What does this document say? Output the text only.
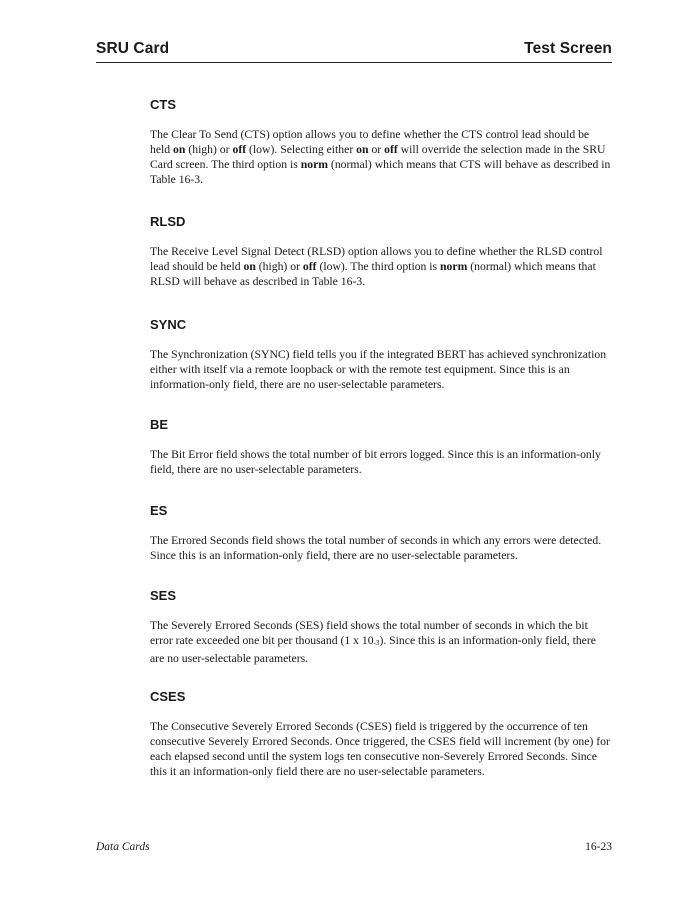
SRU Card	Test Screen
CTS

The Clear To Send (CTS) option allows you to define whether the CTS control lead should be held on (high) or off (low). Selecting either on or off will override the selection made in the SRU Card screen. The third option is norm (normal) which means that CTS will behave as described in Table 16-3.

RLSD

The Receive Level Signal Detect (RLSD) option allows you to define whether the RLSD control lead should be held on (high) or off (low). The third option is norm (normal) which means that RLSD will behave as described in Table 16-3.

SYNC

The Synchronization (SYNC) field tells you if the integrated BERT has achieved synchronization either with itself via a remote loopback or with the remote test equipment. Since this is an information-only field, there are no user-selectable parameters.

BE

The Bit Error field shows the total number of bit errors logged. Since this is an information-only field, there are no user-selectable parameters.

ES

The Errored Seconds field shows the total number of seconds in which any errors were detected. Since this is an information-only field, there are no user-selectable parameters.

SES

The Severely Errored Seconds (SES) field shows the total number of seconds in which the bit error rate exceeded one bit per thousand (1 x $10_{-3}$). Since this is an information-only field, there are no user-selectable parameters.

CSES

The Consecutive Severely Errored Seconds (CSES) field is triggered by the occurrence of ten consecutive Severely Errored Seconds. Once triggered, the CSES field will increment (by one) for each elapsed second until the system logs ten consecutive non-Severely Errored Seconds. Since this it an information-only field there are no user-selectable parameters.

Data Cards	16-23
